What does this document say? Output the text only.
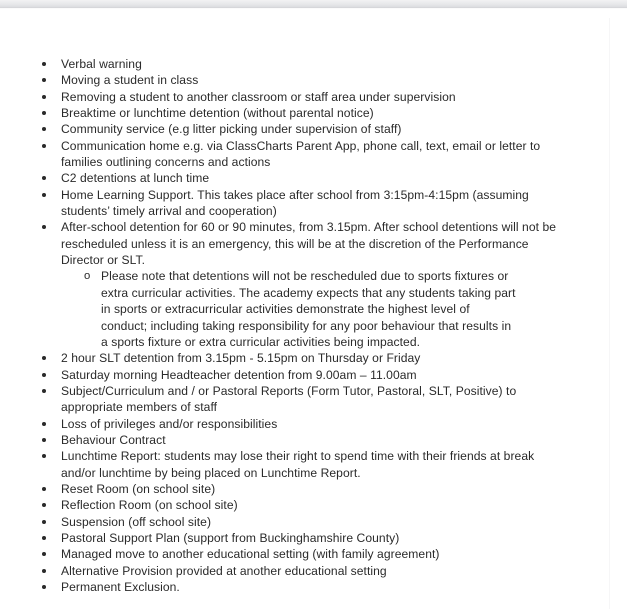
Verbal warning
Moving a student in class
Removing a student to another classroom or staff area under supervision
Breaktime or lunchtime detention (without parental notice)
Community service (e.g litter picking under supervision of staff)
Communication home e.g. via ClassCharts Parent App, phone call, text, email or letter to families outlining concerns and actions
C2 detentions at lunch time
Home Learning Support. This takes place after school from 3:15pm-4:15pm (assuming students’ timely arrival and cooperation)
After-school detention for 60 or 90 minutes, from 3.15pm. After school detentions will not be rescheduled unless it is an emergency, this will be at the discretion of the Performance Director or SLT.
o Please note that detentions will not be rescheduled due to sports fixtures or extra curricular activities. The academy expects that any students taking part in sports or extracurricular activities demonstrate the highest level of conduct; including taking responsibility for any poor behaviour that results in a sports fixture or extra curricular activities being impacted.
2 hour SLT detention from 3.15pm - 5.15pm on Thursday or Friday
Saturday morning Headteacher detention from 9.00am – 11.00am
Subject/Curriculum and / or Pastoral Reports (Form Tutor, Pastoral, SLT, Positive) to appropriate members of staff
Loss of privileges and/or responsibilities
Behaviour Contract
Lunchtime Report: students may lose their right to spend time with their friends at break and/or lunchtime by being placed on Lunchtime Report.
Reset Room (on school site)
Reflection Room (on school site)
Suspension (off school site)
Pastoral Support Plan (support from Buckinghamshire County)
Managed move to another educational setting (with family agreement)
Alternative Provision provided at another educational setting
Permanent Exclusion.
